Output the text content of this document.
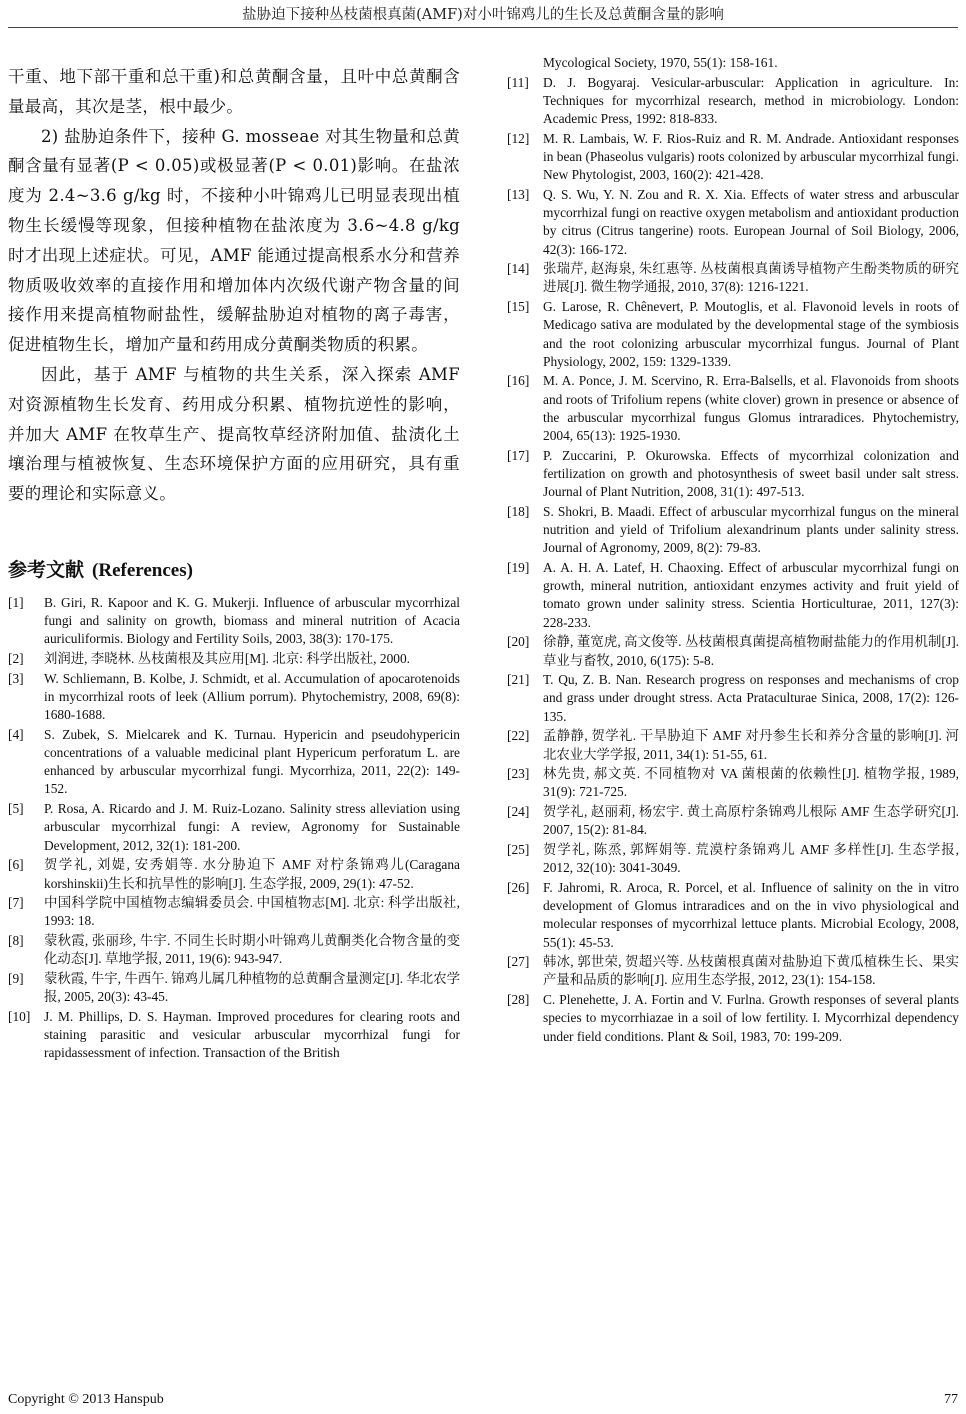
盐胁迫下接种丛枝菌根真菌(AMF)对小叶锦鸡儿的生长及总黄酮含量的影响

干重、地下部干重和总干重)和总黄酮含量，且叶中总黄酮含量最高，其次是茎，根中最少。

2) 盐胁迫条件下，接种 G. mosseae 对其生物量和总黄酮含量有显著(P < 0.05)或极显著(P < 0.01)影响。在盐浓度为 2.4~3.6 g/kg 时，不接种小叶锦鸡儿已明显表现出植物生长缓慢等现象，但接种植物在盐浓度为 3.6~4.8 g/kg 时才出现上述症状。可见，AMF 能通过提高根系水分和营养物质吸收效率的直接作用和增加体内次级代谢产物含量的间接作用来提高植物耐盐性，缓解盐胁迫对植物的离子毒害，促进植物生长，增加产量和药用成分黄酮类物质的积累。

因此，基于 AMF 与植物的共生关系，深入探索 AMF 对资源植物生长发育、药用成分积累、植物抗逆性的影响，并加大 AMF 在牧草生产、提高牧草经济附加值、盐渍化土壤治理与植被恢复、生态环境保护方面的应用研究，具有重要的理论和实际意义。

参考文献 (References)
[1]	B. Giri, R. Kapoor and K. G. Mukerji. Influence of arbuscular mycorrhizal fungi and salinity on growth, biomass and mineral nutrition of Acacia auriculiformis. Biology and Fertility Soils, 2003, 38(3): 170-175.
[2]	刘润进, 李晓林. 丛枝菌根及其应用[M]. 北京: 科学出版社, 2000.
[3]	W. Schliemann, B. Kolbe, J. Schmidt, et al. Accumulation of apocarotenoids in mycorrhizal roots of leek (Allium porrum). Phytochemistry, 2008, 69(8): 1680-1688.
[4]	S. Zubek, S. Mielcarek and K. Turnau. Hypericin and pseudohypericin concentrations of a valuable medicinal plant Hypericum perforatum L. are enhanced by arbuscular mycorrhizal fungi. Mycorrhiza, 2011, 22(2): 149-152.
[5]	P. Rosa, A. Ricardo and J. M. Ruiz-Lozano. Salinity stress alleviation using arbuscular mycorrhizal fungi: A review, Agronomy for Sustainable Development, 2012, 32(1): 181-200.
[6]	贺学礼, 刘媞, 安秀娟等. 水分胁迫下 AMF 对柠条锦鸡儿(Caragana korshinskii)生长和抗旱性的影响[J]. 生态学报, 2009, 29(1): 47-52.
[7]	中国科学院中国植物志编辑委员会. 中国植物志[M]. 北京: 科学出版社, 1993: 18.
[8]	蒙秋霞, 张丽珍, 牛宇. 不同生长时期小叶锦鸡儿黄酮类化合物含量的变化动态[J]. 草地学报, 2011, 19(6): 943-947.
[9]	蒙秋霞, 牛宇, 牛西午. 锦鸡儿属几种植物的总黄酮含量测定[J]. 华北农学报, 2005, 20(3): 43-45.
[10]	J. M. Phillips, D. S. Hayman. Improved procedures for clearing roots and staining parasitic and vesicular arbuscular mycorrhizal fungi for rapidassessment of infection. Transaction of the British
Mycological Society, 1970, 55(1): 158-161.
[11]	D. J. Bogyaraj. Vesicular-arbuscular: Application in agriculture. In: Techniques for mycorrhizal research, method in microbiology. London: Academic Press, 1992: 818-833.
[12]	M. R. Lambais, W. F. Rios-Ruiz and R. M. Andrade. Antioxidant responses in bean (Phaseolus vulgaris) roots colonized by arbuscular mycorrhizal fungi. New Phytologist, 2003, 160(2): 421-428.
[13]	Q. S. Wu, Y. N. Zou and R. X. Xia. Effects of water stress and arbuscular mycorrhizal fungi on reactive oxygen metabolism and antioxidant production by citrus (Citrus tangerine) roots. European Journal of Soil Biology, 2006, 42(3): 166-172.
[14]	张瑞芹, 赵海泉, 朱红惠等. 丛枝菌根真菌诱导植物产生酚类物质的研究进展[J]. 微生物学通报, 2010, 37(8): 1216-1221.
[15]	G. Larose, R. Chênevert, P. Moutoglis, et al. Flavonoid levels in roots of Medicago sativa are modulated by the developmental stage of the symbiosis and the root colonizing arbuscular mycorrhizal fungus. Journal of Plant Physiology, 2002, 159: 1329-1339.
[16]	M. A. Ponce, J. M. Scervino, R. Erra-Balsells, et al. Flavonoids from shoots and roots of Trifolium repens (white clover) grown in presence or absence of the arbuscular mycorrhizal fungus Glomus intraradices. Phytochemistry, 2004, 65(13): 1925-1930.
[17]	P. Zuccarini, P. Okurowska. Effects of mycorrhizal colonization and fertilization on growth and photosynthesis of sweet basil under salt stress. Journal of Plant Nutrition, 2008, 31(1): 497-513.
[18]	S. Shokri, B. Maadi. Effect of arbuscular mycorrhizal fungus on the mineral nutrition and yield of Trifolium alexandrinum plants under salinity stress. Journal of Agronomy, 2009, 8(2): 79-83.
[19]	A. A. H. A. Latef, H. Chaoxing. Effect of arbuscular mycorrhizal fungi on growth, mineral nutrition, antioxidant enzymes activity and fruit yield of tomato grown under salinity stress. Scientia Horticulturae, 2011, 127(3): 228-233.
[20]	徐静, 董宽虎, 高文俊等. 丛枝菌根真菌提高植物耐盐能力的作用机制[J]. 草业与畜牧, 2010, 6(175): 5-8.
[21]	T. Qu, Z. B. Nan. Research progress on responses and mechanisms of crop and grass under drought stress. Acta Prataculturae Sinica, 2008, 17(2): 126-135.
[22]	孟静静, 贺学礼. 干旱胁迫下 AMF 对丹参生长和养分含量的影响[J]. 河北农业大学学报, 2011, 34(1): 51-55, 61.
[23]	林先贵, 郝文英. 不同植物对 VA 菌根菌的依赖性[J]. 植物学报, 1989, 31(9): 721-725.
[24]	贺学礼, 赵丽莉, 杨宏宇. 黄土高原柠条锦鸡儿根际 AMF 生态学研究[J]. 2007, 15(2): 81-84.
[25]	贺学礼, 陈烝, 郭辉娟等. 荒漠柠条锦鸡儿 AMF 多样性[J]. 生态学报, 2012, 32(10): 3041-3049.
[26]	F. Jahromi, R. Aroca, R. Porcel, et al. Influence of salinity on the in vitro development of Glomus intraradices and on the in vivo physiological and molecular responses of mycorrhizal lettuce plants. Microbial Ecology, 2008, 55(1): 45-53.
[27]	韩冰, 郭世荣, 贺超兴等. 丛枝菌根真菌对盐胁迫下黄瓜植株生长、果实产量和品质的影响[J]. 应用生态学报, 2012, 23(1): 154-158.
[28]	C. Plenehette, J. A. Fortin and V. Furlna. Growth responses of several plants species to mycorrhiazae in a soil of low fertility. I. Mycorrhizal dependency under field conditions. Plant & Soil, 1983, 70: 199-209.
Copyright © 2013 Hanspub	77
